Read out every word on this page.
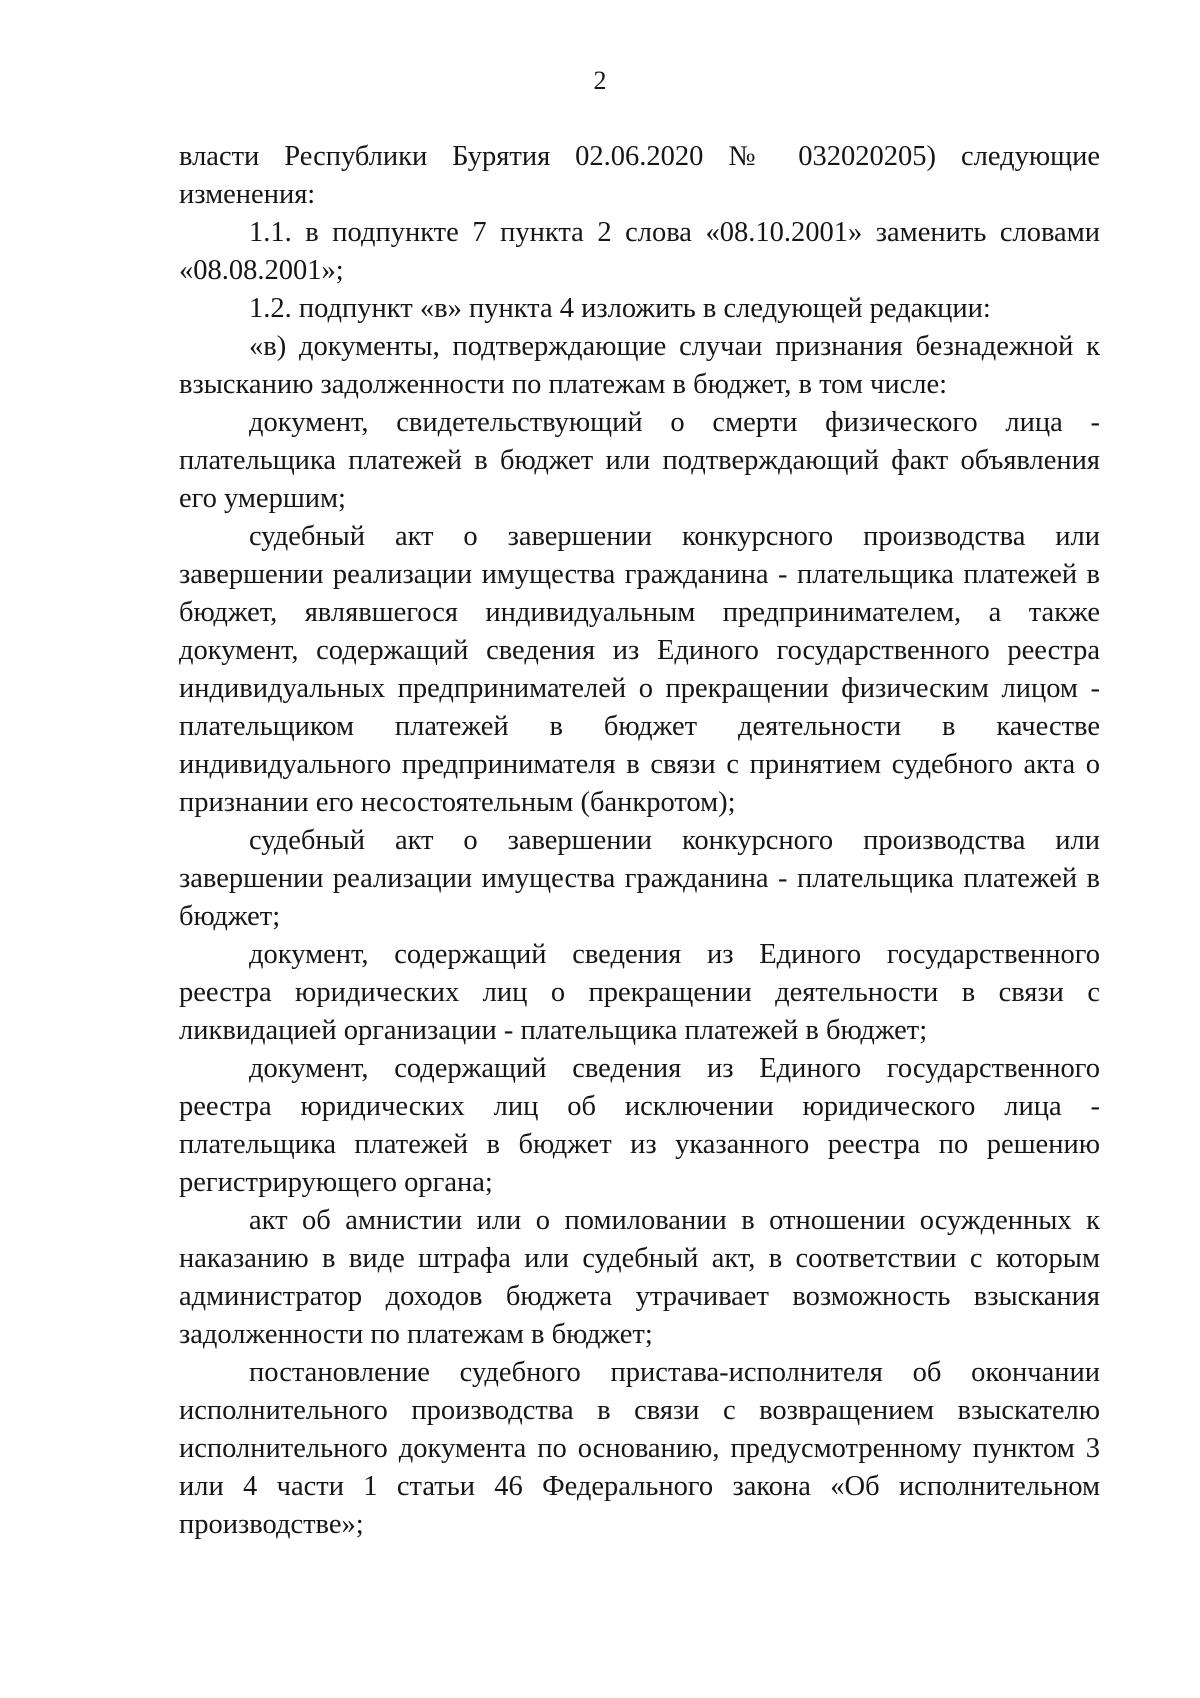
2

власти Республики Бурятия 02.06.2020 № 032020205) следующие изменения:

1.1. в подпункте 7 пункта 2 слова «08.10.2001» заменить словами «08.08.2001»;

1.2. подпункт «в» пункта 4 изложить в следующей редакции:

«в) документы, подтверждающие случаи признания безнадежной к взысканию задолженности по платежам в бюджет, в том числе:

документ, свидетельствующий о смерти физического лица - плательщика платежей в бюджет или подтверждающий факт объявления его умершим;

судебный акт о завершении конкурсного производства или завершении реализации имущества гражданина - плательщика платежей в бюджет, являвшегося индивидуальным предпринимателем, а также документ, содержащий сведения из Единого государственного реестра индивидуальных предпринимателей о прекращении физическим лицом - плательщиком платежей в бюджет деятельности в качестве индивидуального предпринимателя в связи с принятием судебного акта о признании его несостоятельным (банкротом);

судебный акт о завершении конкурсного производства или завершении реализации имущества гражданина - плательщика платежей в бюджет;

документ, содержащий сведения из Единого государственного реестра юридических лиц о прекращении деятельности в связи с ликвидацией организации - плательщика платежей в бюджет;

документ, содержащий сведения из Единого государственного реестра юридических лиц об исключении юридического лица - плательщика платежей в бюджет из указанного реестра по решению регистрирующего органа;

акт об амнистии или о помиловании в отношении осужденных к наказанию в виде штрафа или судебный акт, в соответствии с которым администратор доходов бюджета утрачивает возможность взыскания задолженности по платежам в бюджет;

постановление судебного пристава-исполнителя об окончании исполнительного производства в связи с возвращением взыскателю исполнительного документа по основанию, предусмотренному пунктом 3 или 4 части 1 статьи 46 Федерального закона «Об исполнительном производстве»;
